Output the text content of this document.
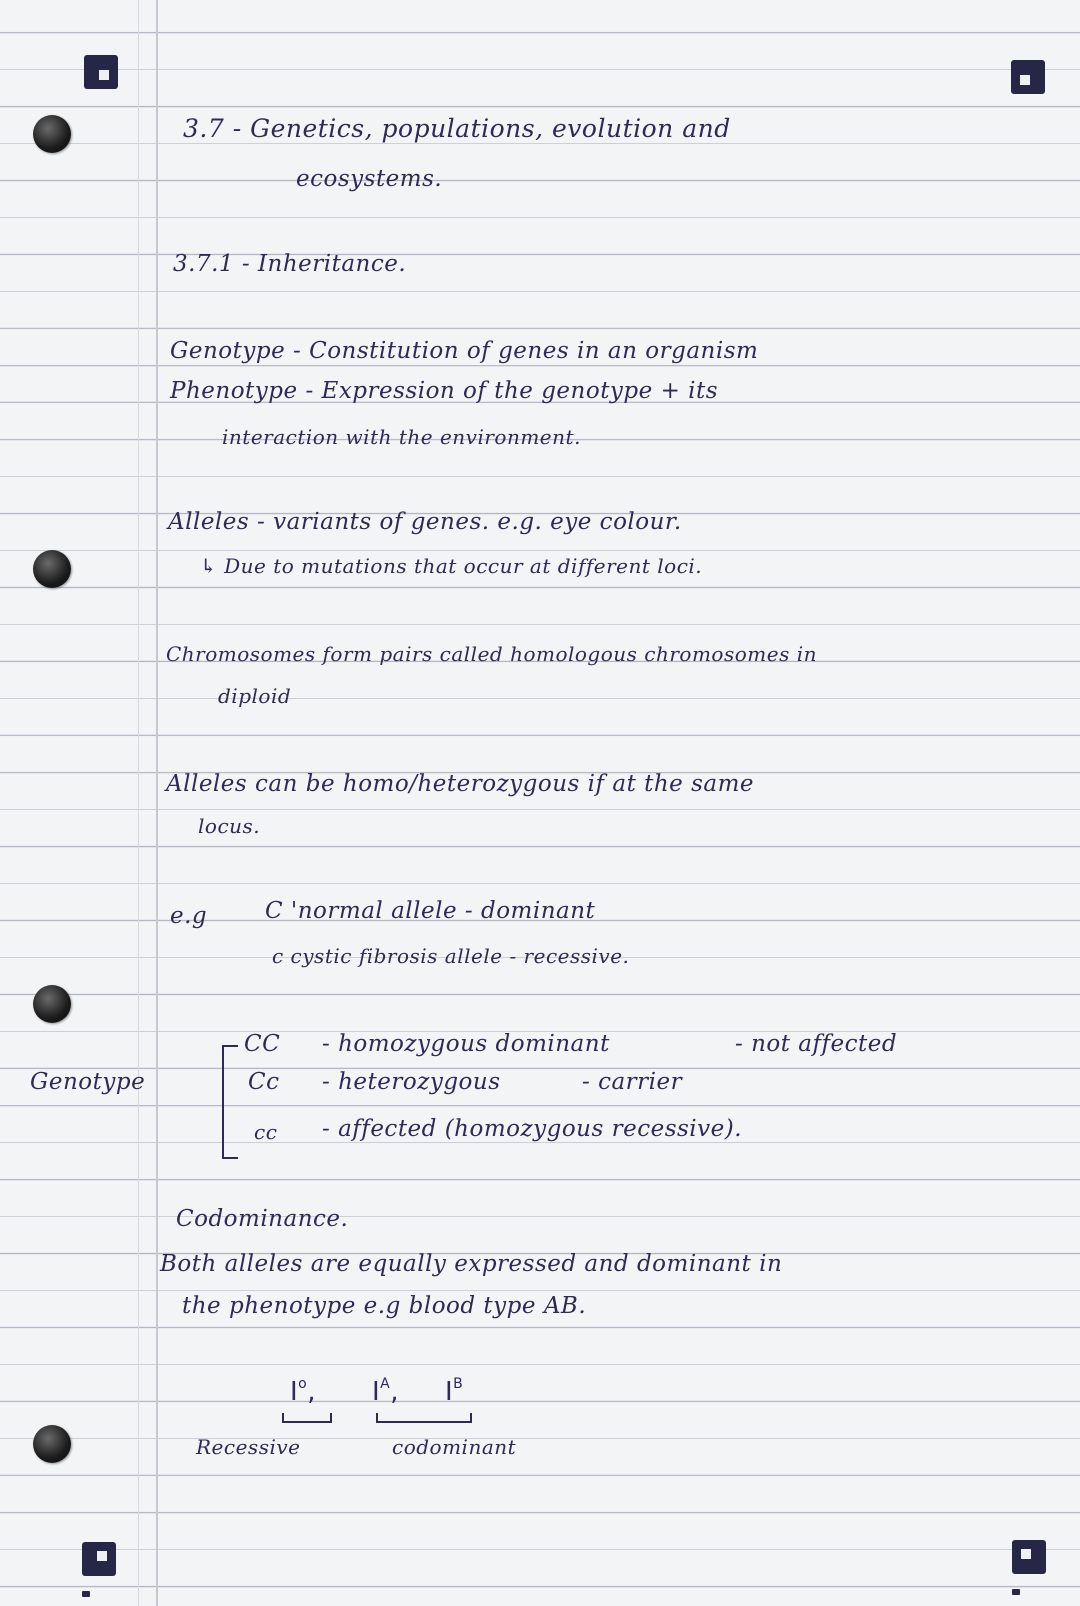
3.7 - Genetics, populations, evolution and
ecosystems.
3.7.1 - Inheritance.
Genotype - Constitution of genes in an organism
Phenotype - Expression of the genotype + its
interaction with the environment.
Alleles - variants of genes. e.g. eye colour.
↳ Due to mutations that occur at different loci.
Chromosomes form pairs called homologous chromosomes in
diploid
Alleles can be homo/heterozygous if at the same
locus.
e.g	C 'normal allele - dominant
c cystic fibrosis allele - recessive.
Genotype
CC - homozygous dominant	- not affected
Cc - heterozygous	- carrier
cc - affected (homozygous recessive).
Codominance.
Both alleles are equally expressed and dominant in
the phenotype e.g blood type AB.
$I^o$, $I^A$, $I^B$
Recessive	codominant
